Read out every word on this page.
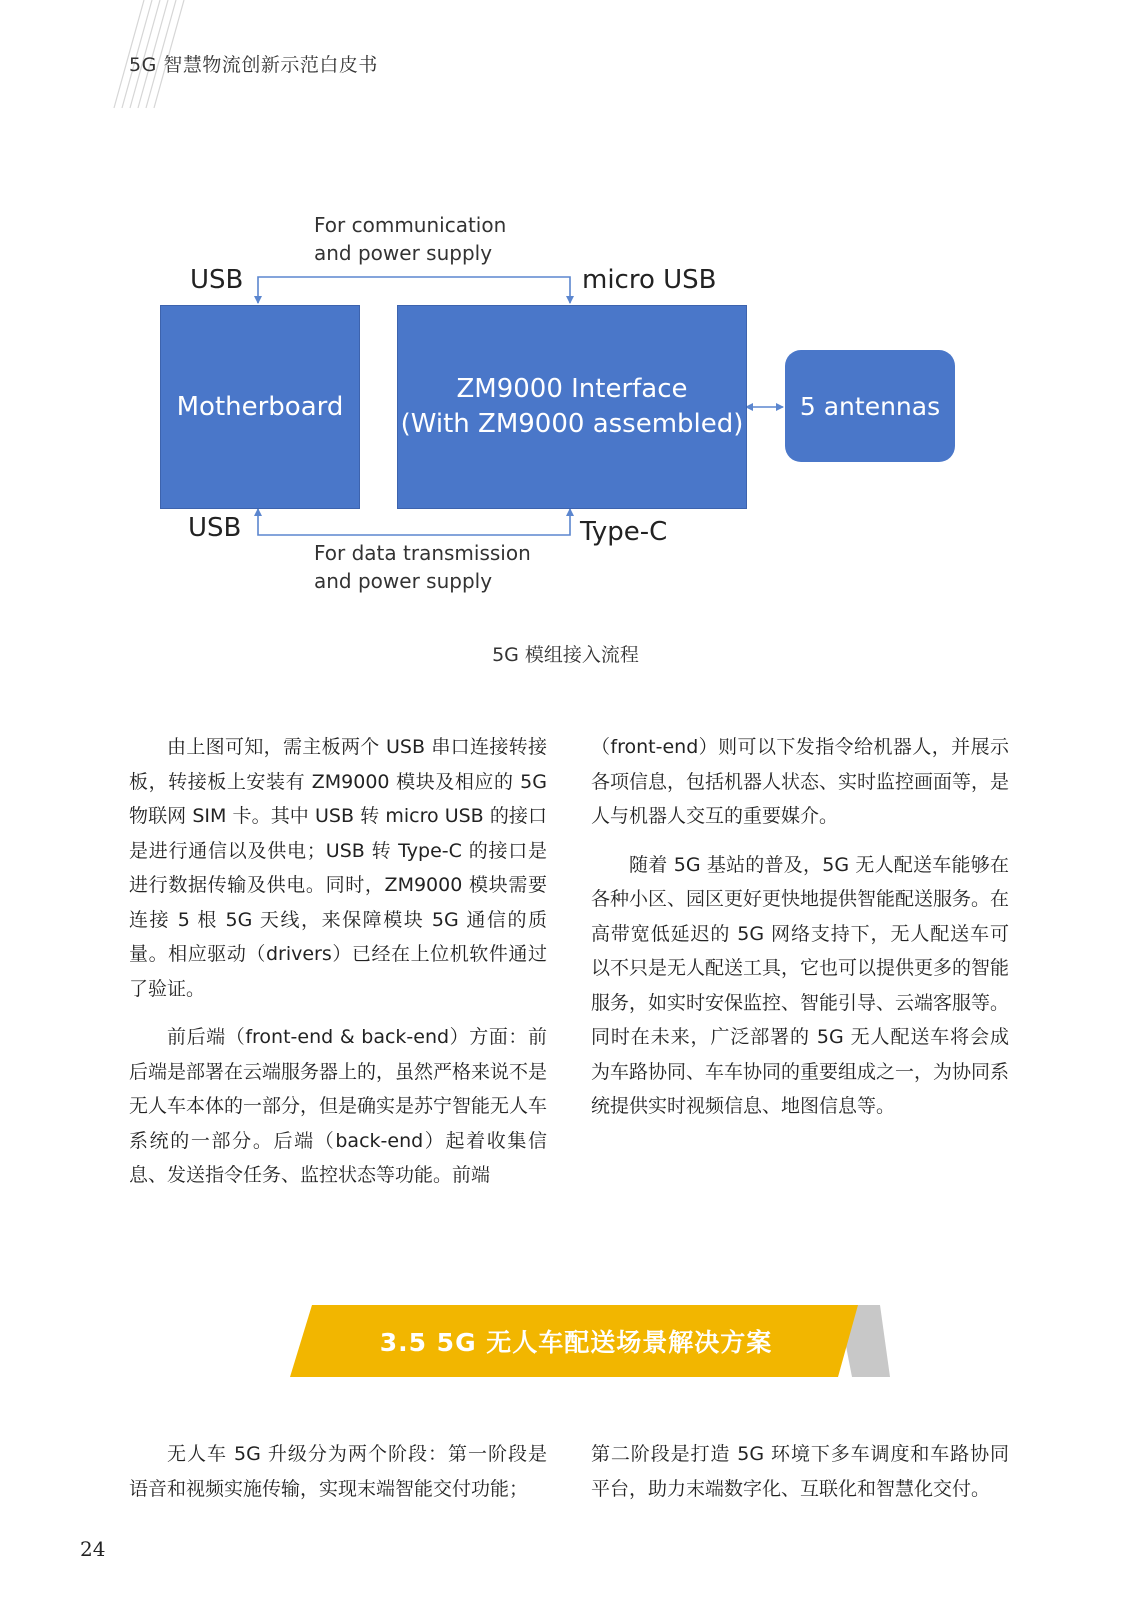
5G 智慧物流创新示范白皮书
For communication
and power supply
USB	micro USB
Motherboard
ZM9000 Interface
(With ZM9000 assembled)
5 antennas
USB	Type-C
For data transmission
and power supply
5G 模组接入流程

由上图可知，需主板两个 USB 串口连接转接板，转接板上安装有 ZM9000 模块及相应的 5G 物联网 SIM 卡。其中 USB 转 micro USB 的接口是进行通信以及供电；USB 转 Type-C 的接口是进行数据传输及供电。同时，ZM9000 模块需要连接 5 根 5G 天线，来保障模块 5G 通信的质量。相应驱动（drivers）已经在上位机软件通过了验证。

前后端（front-end & back-end）方面：前后端是部署在云端服务器上的，虽然严格来说不是无人车本体的一部分，但是确实是苏宁智能无人车系统的一部分。后端（back-end）起着收集信息、发送指令任务、监控状态等功能。前端

（front-end）则可以下发指令给机器人，并展示各项信息，包括机器人状态、实时监控画面等，是人与机器人交互的重要媒介。

随着 5G 基站的普及，5G 无人配送车能够在各种小区、园区更好更快地提供智能配送服务。在高带宽低延迟的 5G 网络支持下，无人配送车可以不只是无人配送工具，它也可以提供更多的智能服务，如实时安保监控、智能引导、云端客服等。同时在未来，广泛部署的 5G 无人配送车将会成为车路协同、车车协同的重要组成之一，为协同系统提供实时视频信息、地图信息等。

3.5 5G 无人车配送场景解决方案

无人车 5G 升级分为两个阶段：第一阶段是语音和视频实施传输，实现末端智能交付功能；

第二阶段是打造 5G 环境下多车调度和车路协同平台，助力末端数字化、互联化和智慧化交付。

24
